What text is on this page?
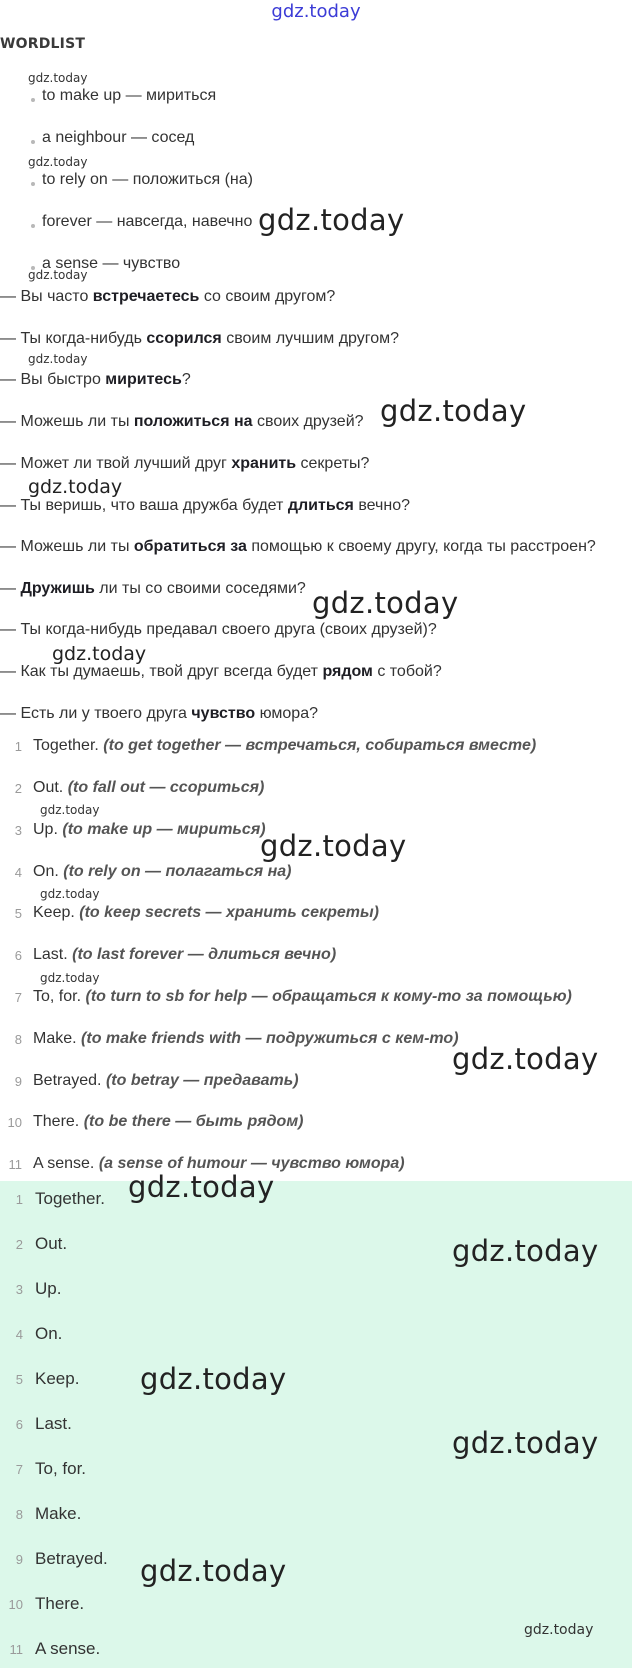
gdz.today
WORDLIST
to make up — мириться
a neighbour — сосед
to rely on — положиться (на)
forever — навсегда, навечно
a sense — чувство
— Вы часто встречаетесь со своим другом?
— Ты когда-нибудь ссорился своим лучшим другом?
— Вы быстро миритесь?
— Можешь ли ты положиться на своих друзей?
— Может ли твой лучший друг хранить секреты?
— Ты веришь, что ваша дружба будет длиться вечно?
— Можешь ли ты обратиться за помощью к своему другу, когда ты расстроен?
— Дружишь ли ты со своими соседями?
— Ты когда-нибудь предавал своего друга (своих друзей)?
— Как ты думаешь, твой друг всегда будет рядом с тобой?
— Есть ли у твоего друга чувство юмора?
1 Together. (to get together — встречаться, собираться вместе)
2 Out. (to fall out — ссориться)
3 Up. (to make up — мириться)
4 On. (to rely on — полагаться на)
5 Keep. (to keep secrets — хранить секреты)
6 Last. (to last forever — длиться вечно)
7 To, for. (to turn to sb for help — обращаться к кому-то за помощью)
8 Make. (to make friends with — подружиться с кем-то)
9 Betrayed. (to betray — предавать)
10 There. (to be there — быть рядом)
11 A sense. (a sense of humour — чувство юмора)
1 Together.
2 Out.
3 Up.
4 On.
5 Keep.
6 Last.
7 To, for.
8 Make.
9 Betrayed.
10 There.
11 A sense.
gdz.today
gdz.today
gdz.today
gdz.today
gdz.today
gdz.today
gdz.today
gdz.today
gdz.today
gdz.today
gdz.today
gdz.today
gdz.today
gdz.today
gdz.today
gdz.today
gdz.today
gdz.today
gdz.today
gdz.today
